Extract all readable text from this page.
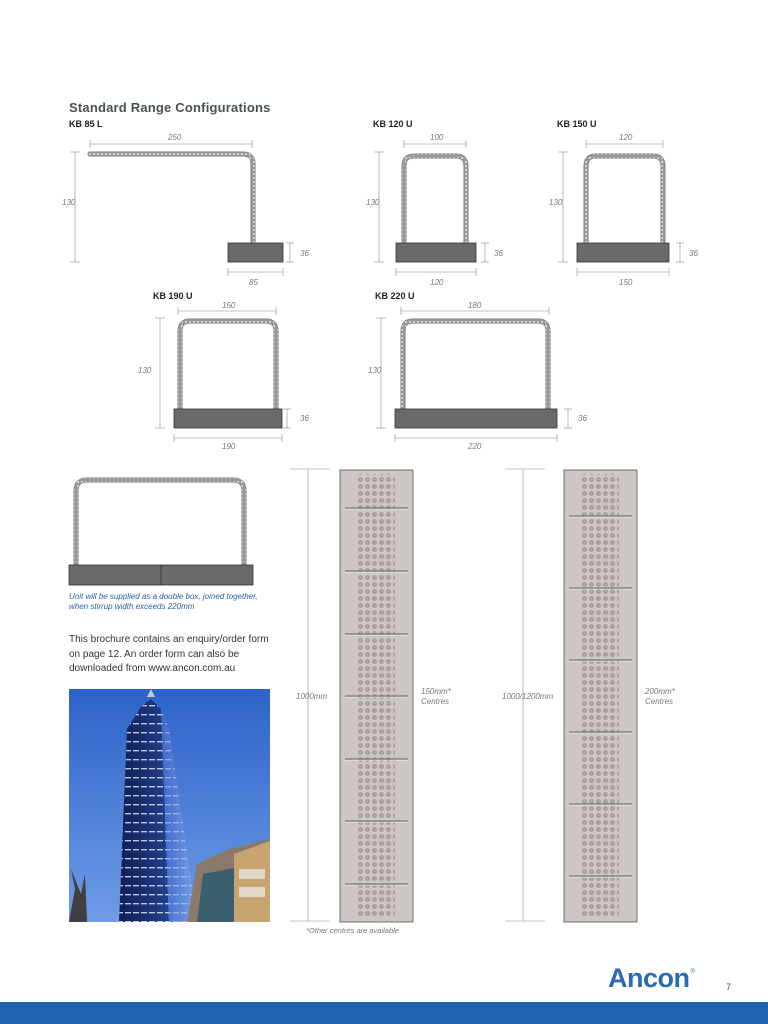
Standard Range Configurations
KB 85 L	KB 120 U	KB 150 U
KB 190 U	KB 220 U
250
130
36
85
100
130
36
120
120
130
36
150
150
130
36
190
180
130
36
220
1000mm
150mm*
Centres
1000/1200mm
200mm*
Centres
Unit will be supplied as a double box, joined together, when stirrup width exceeds 220mm
This brochure contains an enquiry/order form on page 12. An order form can also be downloaded from www.ancon.com.au
*Other centres are available
Ancon®
7
